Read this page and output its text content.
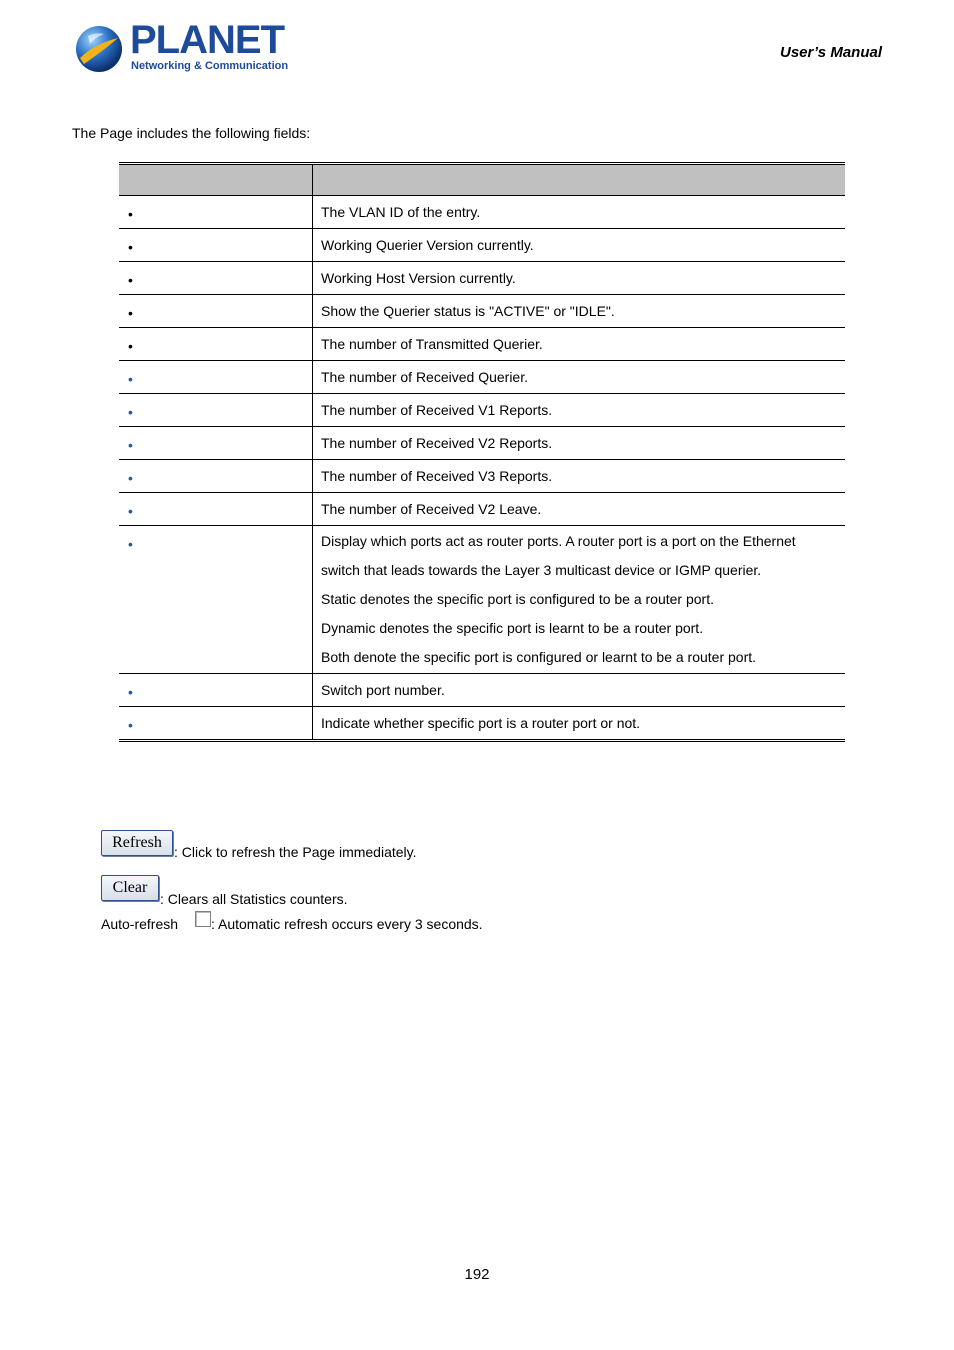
PLANET
Networking & Communication
User’s Manual
The Page includes the following fields:

•	The VLAN ID of the entry.

•	Working Querier Version currently.

•	Working Host Version currently.

•	Show the Querier status is "ACTIVE" or "IDLE".

•	The number of Transmitted Querier.

•	The number of Received Querier.

•	The number of Received V1 Reports.

•	The number of Received V2 Reports.

•	The number of Received V3 Reports.

•	The number of Received V2 Leave.

•	Display which ports act as router ports. A router port is a port on the Ethernet
switch that leads towards the Layer 3 multicast device or IGMP querier.
Static denotes the specific port is configured to be a router port.
Dynamic denotes the specific port is learnt to be a router port.
Both denote the specific port is configured or learnt to be a router port.

•	Switch port number.

•	Indicate whether specific port is a router port or not.
Refresh
: Click to refresh the Page immediately.
Clear
: Clears all Statistics counters.
Auto-refresh : Automatic refresh occurs every 3 seconds.
192
